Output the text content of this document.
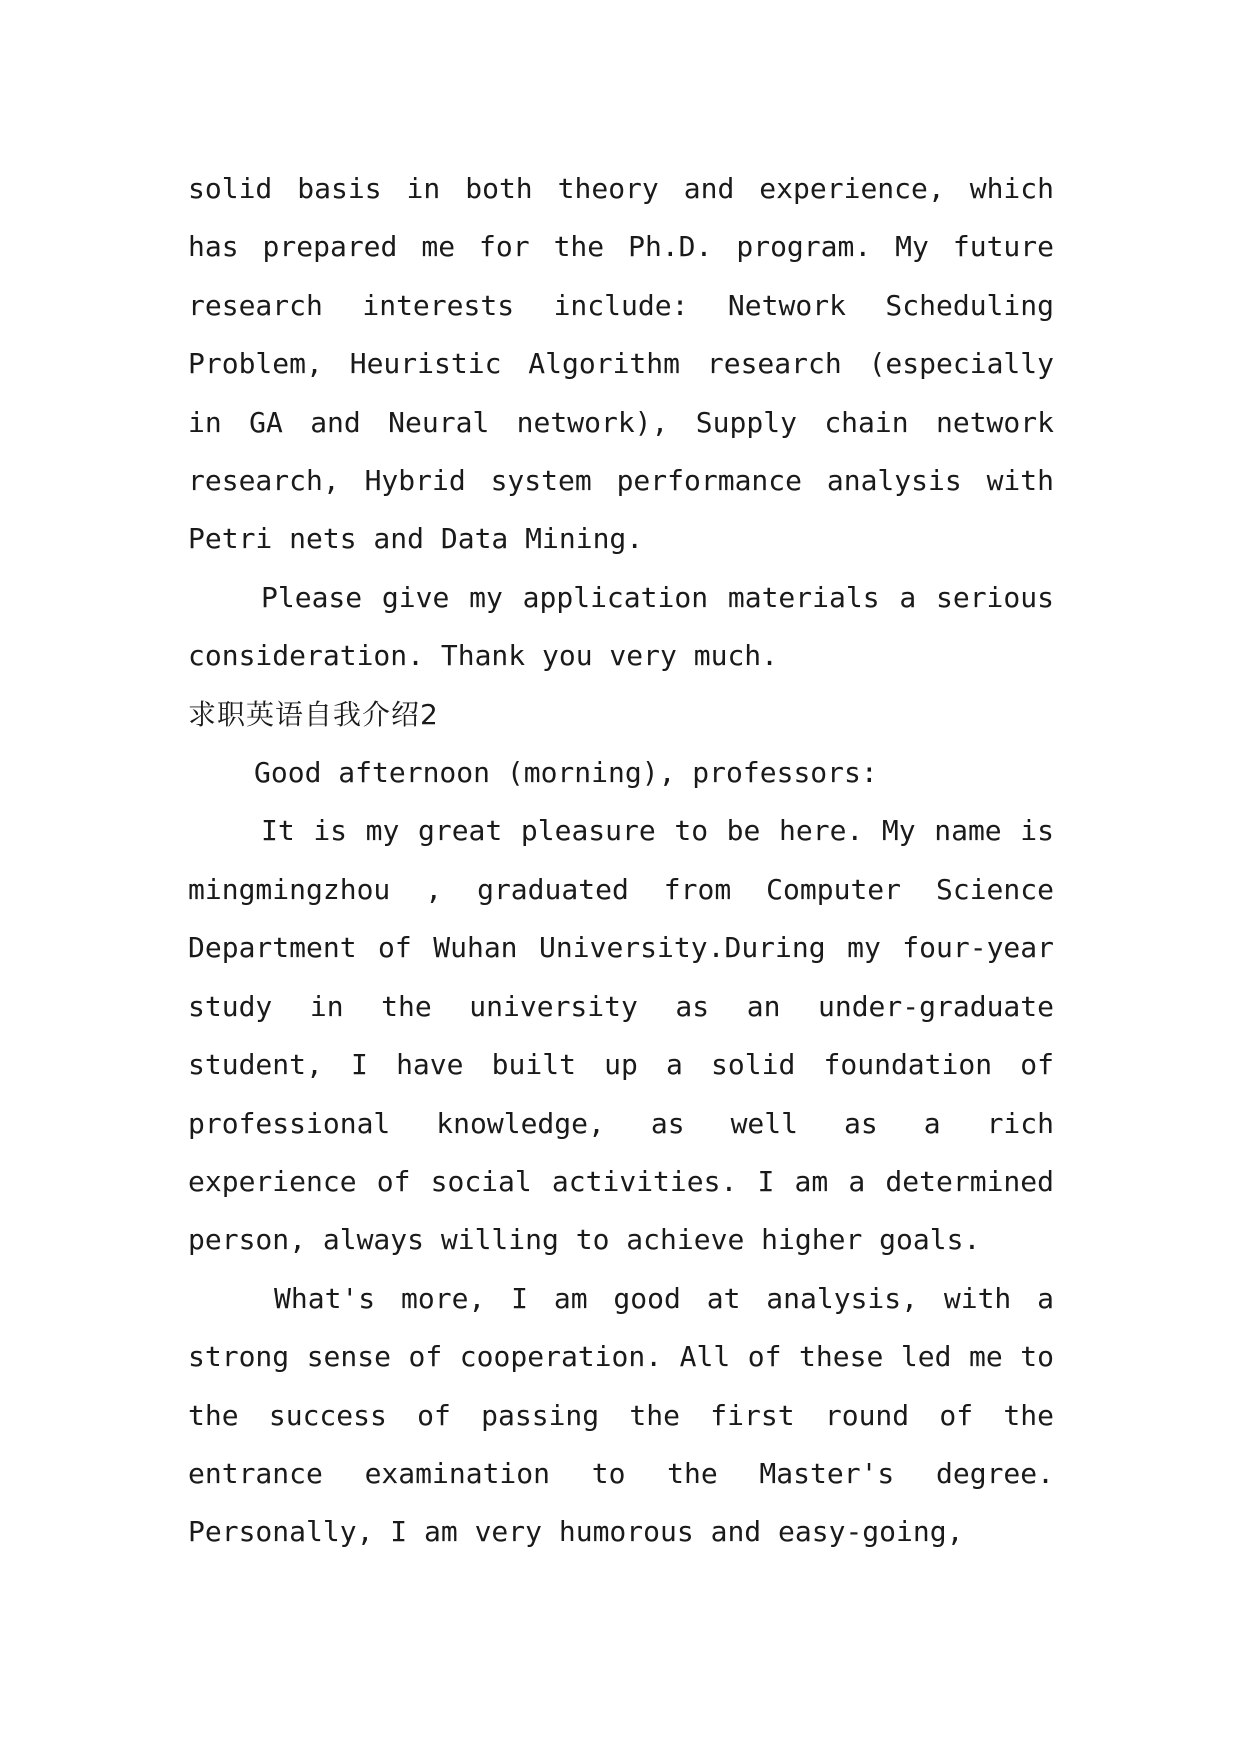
solid basis in both theory and experience, which has prepared me for the Ph.D. program. My future research interests include: Network Scheduling Problem, Heuristic Algorithm research (especially in GA and Neural network), Supply chain network research, Hybrid system performance analysis with Petri nets and Data Mining.

Please give my application materials a serious consideration. Thank you very much.

求职英语自我介绍2

Good afternoon (morning), professors:

It is my great pleasure to be here. My name is mingmingzhou , graduated from Computer Science Department of Wuhan University.During my four-year study in the university as an under-graduate student, I have built up a solid foundation of professional knowledge, as well as a rich experience of social activities. I am a determined person, always willing to achieve higher goals.

What's more, I am good at analysis, with a strong sense of cooperation. All of these led me to the success of passing the first round of the entrance examination to the Master's degree. Personally, I am very humorous and easy-going,
